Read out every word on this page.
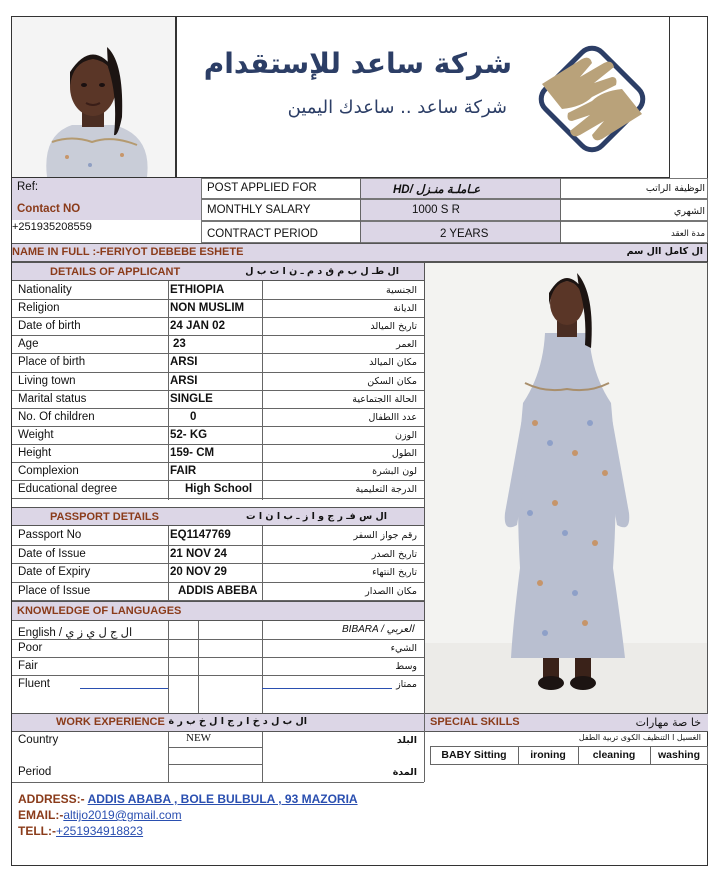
شركة ساعد للإستقدام
شركة ساعد .. ساعدك اليمين
Ref:
Contact NO
+251935208559
POST APPLIED FOR	HD/ عـاملـة منـزل	الوظيفة الراتب
MONTHLY SALARY	1000 S R	الشهري
CONTRACT PERIOD	2 YEARS	مدة العقد
NAME IN FULL :-FERIYOT DEBEBE ESHETE	ال كامل اال سم
DETAILS OF APPLICANT	ال طـ ل ب م ق د م ـ ن ا ت ب ل
Nationality	ETHIOPIA	الجنسية
Religion	NON MUSLIM	الديانة
Date of birth	24 JAN 02	تاريخ الميالد
Age	23	العمر
Place of birth	ARSI	مكان الميالد
Living town	ARSI	مكان السكن
Marital status	SINGLE	الحالة االجتماعية
No. Of children	0	عدد االطفال
Weight	52- KG	الوزن
Height	159- CM	الطول
Complexion	FAIR	لون البشرة
Educational degree	High School	الدرجة التعليمية
PASSPORT DETAILS	ال س فـ ر ج و ا ز ـ ب ا ن ا ت
Passport No	EQ1147769	رقم جواز السفر
Date of Issue	21 NOV 24	تاريخ الصدر
Date of Expiry	20 NOV 29	تاريخ النتهاء
Place of Issue	ADDIS ABEBA	مكان االصدار
KNOWLEDGE OF LANGUAGES
English / ال ج ل ي ز ي	BIBARA / العربي
Poor	الشيء
Fair	وسط
Fluent	ممتاز
WORK EXPERIENCE ال ب ل د خ ا ر ج ا ل خ ب ر ة	SPECIAL SKILLS	خا صة مهارات
Country	NEW	البلد
Period	المدة
الغسيل ا التنظيف الكوى تربية الطفل
BABY Sitting	ironing	cleaning	washing
ADDRESS:- ADDIS ABABA , BOLE BULBULA , 93 MAZORIA
EMAIL:-altijo2019@gmail.com
TELL:-+251934918823
